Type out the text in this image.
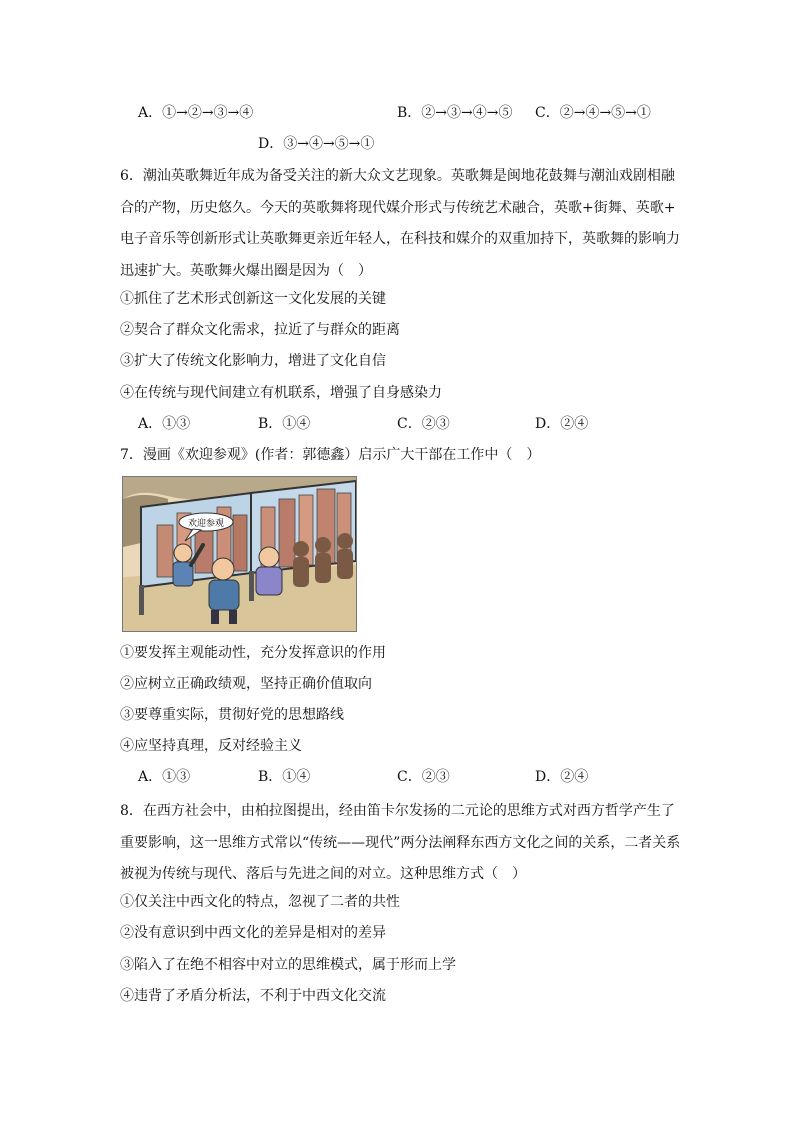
A．①→②→③→④	B．②→③→④→⑤ C．②→④→⑤→①
D．③→④→⑤→①
6．潮汕英歌舞近年成为备受关注的新大众文艺现象。英歌舞是闽地花鼓舞与潮汕戏剧相融
合的产物，历史悠久。今天的英歌舞将现代媒介形式与传统艺术融合，英歌+街舞、英歌+
电子音乐等创新形式让英歌舞更亲近年轻人，在科技和媒介的双重加持下，英歌舞的影响力
迅速扩大。英歌舞火爆出圈是因为（　）
①抓住了艺术形式创新这一文化发展的关键
②契合了群众文化需求，拉近了与群众的距离
③扩大了传统文化影响力，增进了文化自信
④在传统与现代间建立有机联系，增强了自身感染力
A．①③	B．①④	C．②③	D．②④
7．漫画《欢迎参观》(作者：郭德鑫）启示广大干部在工作中（　）
欢迎参观
①要发挥主观能动性，充分发挥意识的作用
②应树立正确政绩观，坚持正确价值取向
③要尊重实际，贯彻好党的思想路线
④应坚持真理，反对经验主义
A．①③	B．①④	C．②③	D．②④
8．在西方社会中，由柏拉图提出，经由笛卡尔发扬的二元论的思维方式对西方哲学产生了
重要影响，这一思维方式常以“传统——现代”两分法阐释东西方文化之间的关系，二者关系
被视为传统与现代、落后与先进之间的对立。这种思维方式（　）
①仅关注中西文化的特点，忽视了二者的共性
②没有意识到中西文化的差异是相对的差异
③陷入了在绝不相容中对立的思维模式，属于形而上学
④违背了矛盾分析法，不利于中西文化交流
